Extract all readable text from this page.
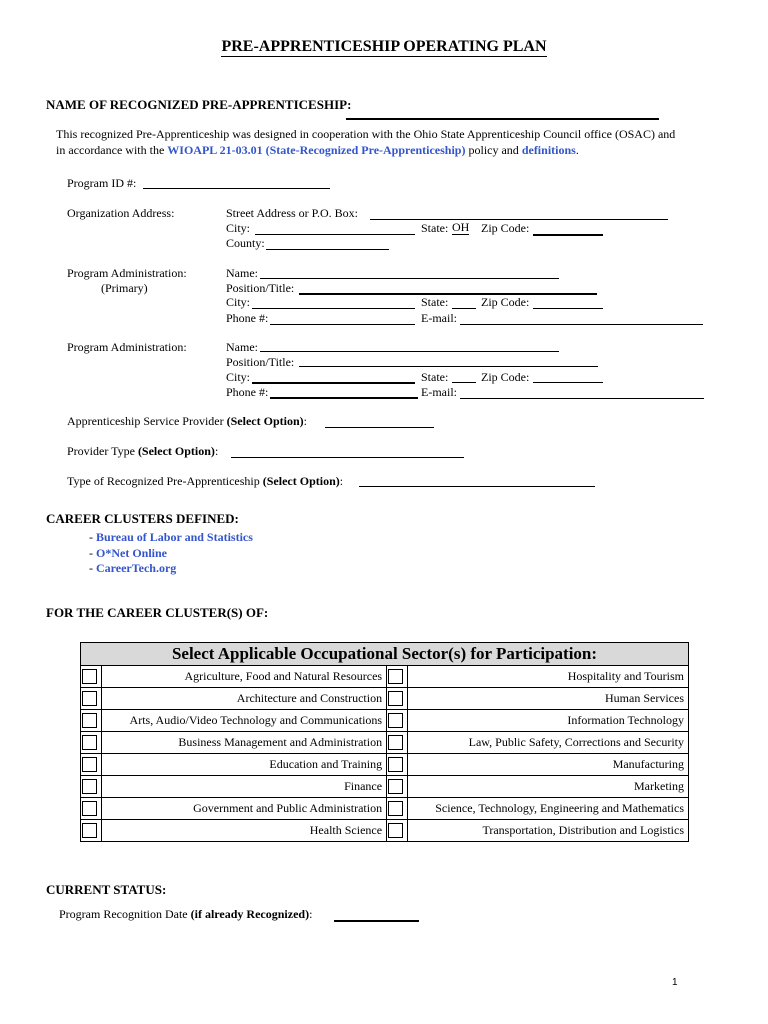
PRE-APPRENTICESHIP OPERATING PLAN
NAME OF RECOGNIZED PRE-APPRENTICESHIP:
This recognized Pre-Apprenticeship was designed in cooperation with the Ohio State Apprenticeship Council office (OSAC) and
in accordance with the WIOAPL 21-03.01 (State-Recognized Pre-Apprenticeship) policy and definitions.
Program ID #:
Organization Address:	Street Address or P.O. Box:
City:	State: OH Zip Code:
County:
Program Administration:
(Primary)
Name:
Position/Title:
City:	State:	Zip Code:
Phone #:	E-mail:
Program Administration:	Name:
Position/Title:
City:	State:	Zip Code:
Phone #:	E-mail:
Apprenticeship Service Provider (Select Option):
Provider Type (Select Option):
Type of Recognized Pre-Apprenticeship (Select Option):
CAREER CLUSTERS DEFINED:
- Bureau of Labor and Statistics
- O*Net Online
- CareerTech.org
FOR THE CAREER CLUSTER(S) OF:
Select Applicable Occupational Sector(s) for Participation:			
	Agriculture, Food and Natural Resources		Hospitality and Tourism
	Architecture and Construction		Human Services
	Arts, Audio/Video Technology and Communications		Information Technology
	Business Management and Administration		Law, Public Safety, Corrections and Security
	Education and Training		Manufacturing
	Finance		Marketing
	Government and Public Administration		Science, Technology, Engineering and Mathematics
	Health Science		Transportation, Distribution and Logistics
CURRENT STATUS:
Program Recognition Date (if already Recognized):
1
